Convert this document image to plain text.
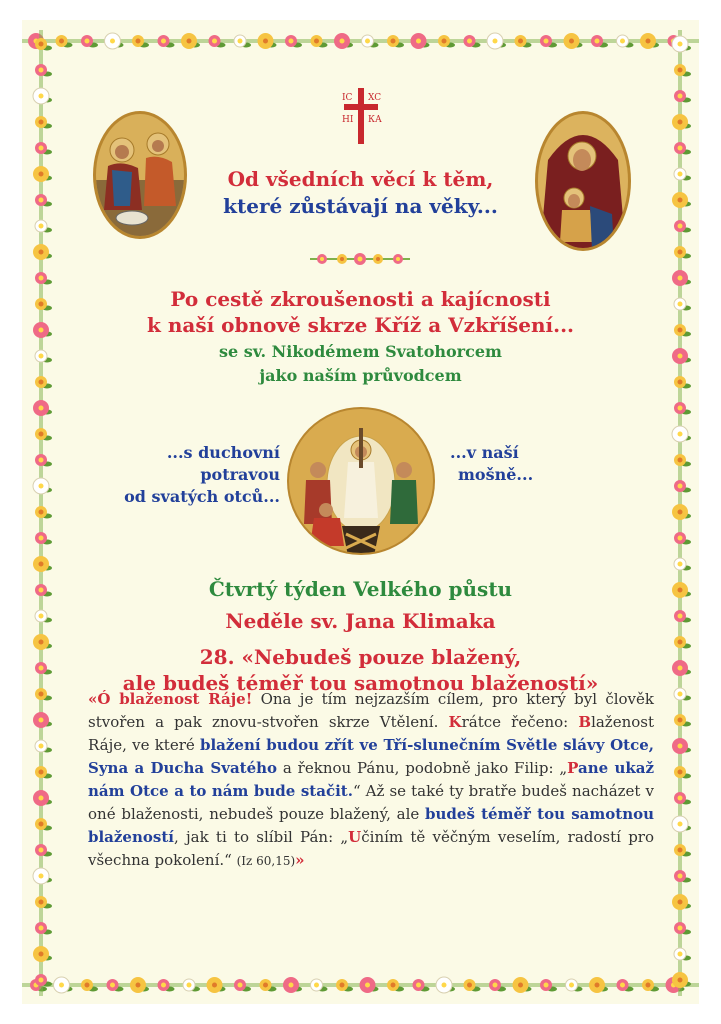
IC XC
НІ КА
Od všedních věcí k těm,
které zůstávají na věky...
Po cestě zkroušenosti a kajícnosti
k naší obnově skrze Kříž a Vzkříšení...
se sv. Nikodémem Svatohorcem
jako naším průvodcem
...s duchovní
potravou
od svatých otců...
...v naší
mošně...
Čtvrtý týden Velkého půstu
Neděle sv. Jana Klimaka
28. «Nebudeš pouze blažený,
ale budeš téměř tou samotnou blažeností»
«Ó blaženost Ráje! Ona je tím nejzazším cílem, pro který byl člověk stvořen a pak znovu-stvořen skrze Vtělení. Krátce řečeno: Blaženost Ráje, ve které blažení budou zřít ve Tří-slunečním Světle slávy Otce, Syna a Ducha Svatého a řeknou Pánu, podobně jako Filip: „Pane ukaž nám Otce a to nám bude stačit.“ Až se také ty bratře budeš nacházet v oné blaženosti, nebudeš pouze blažený, ale budeš téměř tou samotnou blažeností, jak ti to slíbil Pán: „Učiním tě věčným veselím, radostí pro všechna pokolení.“ (Iz 60,15)»
